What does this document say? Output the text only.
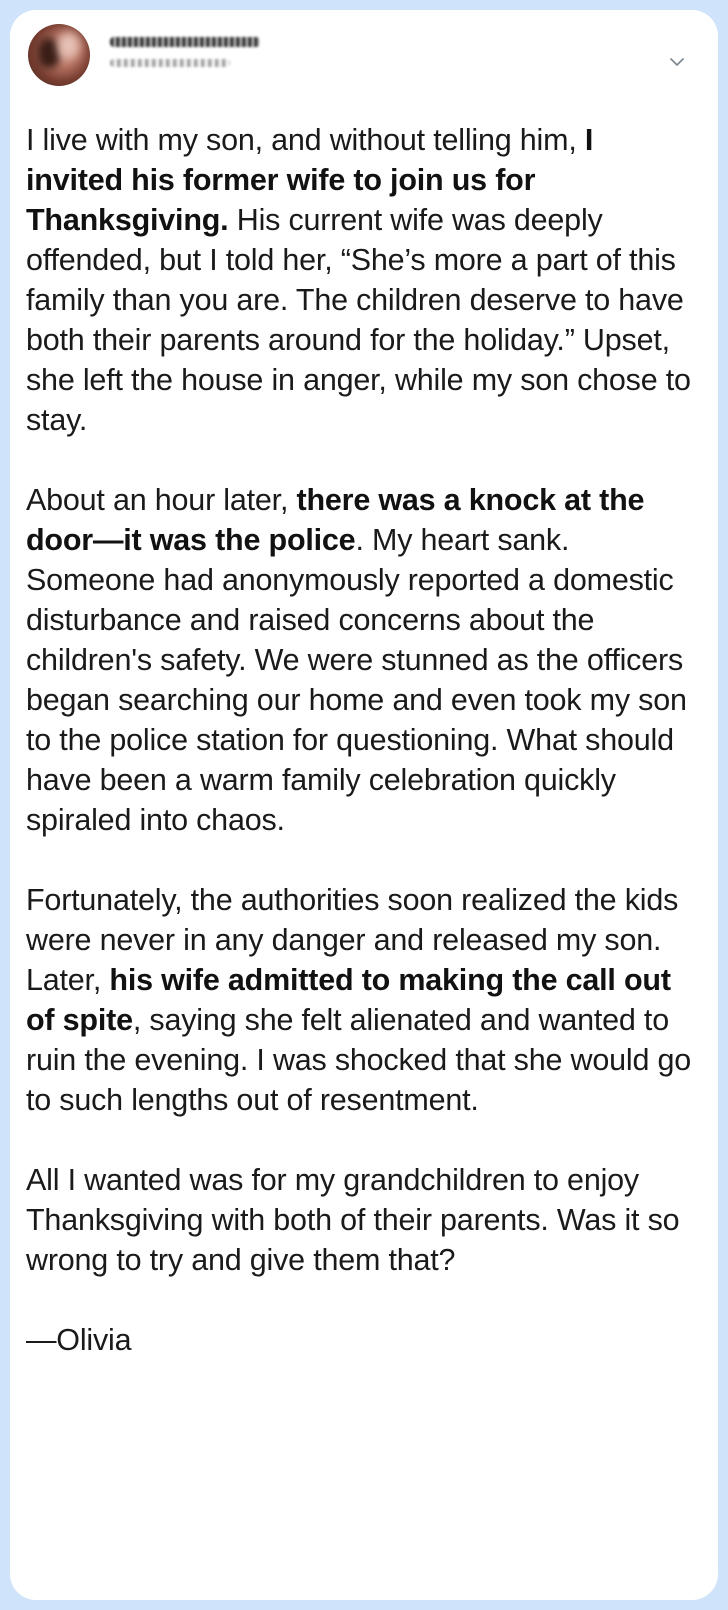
I live with my son, and without telling him, I invited his former wife to join us for Thanksgiving. His current wife was deeply offended, but I told her, “She’s more a part of this family than you are. The children deserve to have both their parents around for the holiday.” Upset, she left the house in anger, while my son chose to stay.

About an hour later, there was a knock at the door—it was the police. My heart sank. Someone had anonymously reported a domestic disturbance and raised concerns about the children's safety. We were stunned as the officers began searching our home and even took my son to the police station for questioning. What should have been a warm family celebration quickly spiraled into chaos.

Fortunately, the authorities soon realized the kids were never in any danger and released my son. Later, his wife admitted to making the call out of spite, saying she felt alienated and wanted to ruin the evening. I was shocked that she would go to such lengths out of resentment.

All I wanted was for my grandchildren to enjoy Thanksgiving with both of their parents. Was it so wrong to try and give them that?

—Olivia
